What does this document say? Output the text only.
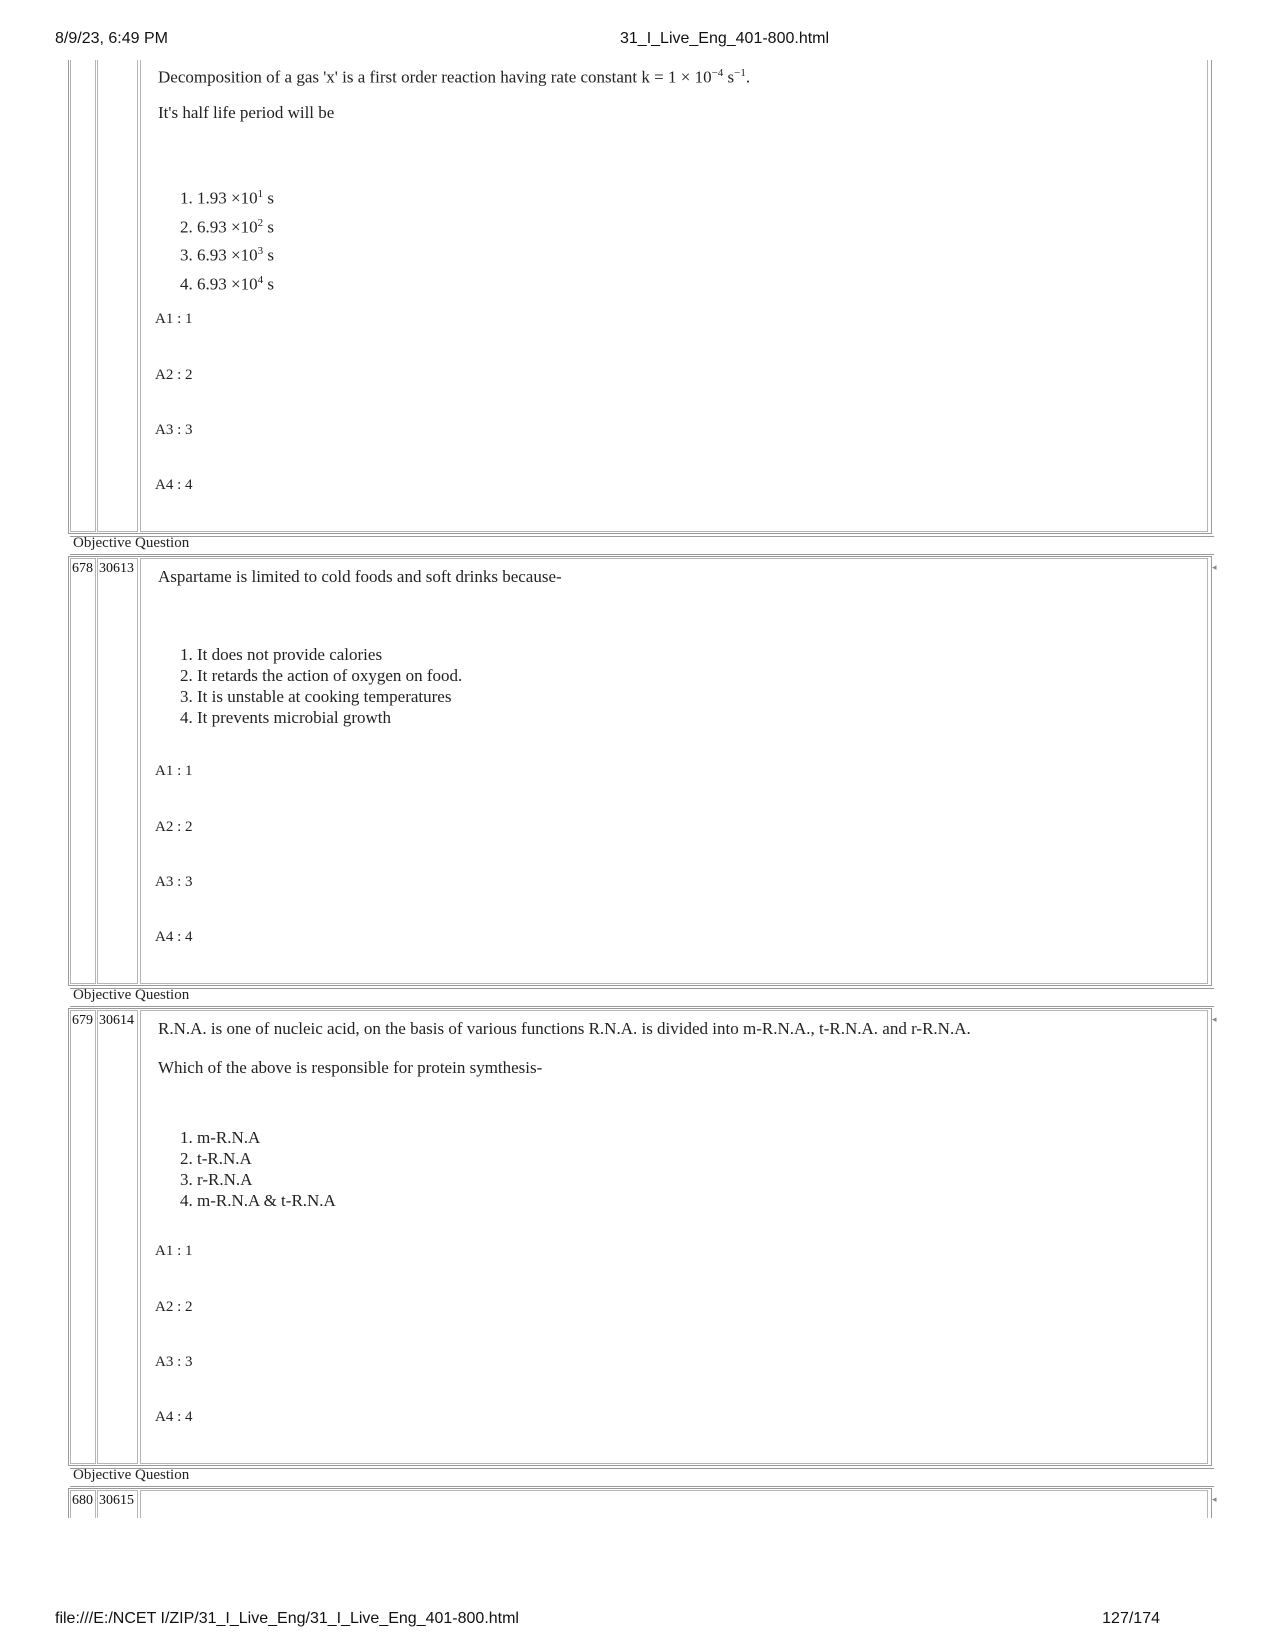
8/9/23, 6:49 PM	31_I_Live_Eng_401-800.html

Decomposition of a gas 'x' is a first order reaction having rate constant $k = 1 \times 10^{-4}$ $s^{-1}$.

It's half life period will be

1. $1.93 \times 10^1$ s
2. $6.93 \times 10^2$ s
3. $6.93 \times 10^3$ s
4. $6.93 \times 10^4$ s
A1 : 1
A2 : 2
A3 : 3
A4 : 4
Objective Question
678 30613	◂

Aspartame is limited to cold foods and soft drinks because-

1. It does not provide calories
2. It retards the action of oxygen on food.
3. It is unstable at cooking temperatures
4. It prevents microbial growth
A1 : 1
A2 : 2
A3 : 3
A4 : 4
Objective Question
679 30614	◂

R.N.A. is one of nucleic acid, on the basis of various functions R.N.A. is divided into m-R.N.A., t-R.N.A. and r-R.N.A.

Which of the above is responsible for protein symthesis-

1. m-R.N.A
2. t-R.N.A
3. r-R.N.A
4. m-R.N.A & t-R.N.A
A1 : 1
A2 : 2
A3 : 3
A4 : 4
Objective Question
680 30615	◂
file:///E:/NCET I/ZIP/31_I_Live_Eng/31_I_Live_Eng_401-800.html	127/174
